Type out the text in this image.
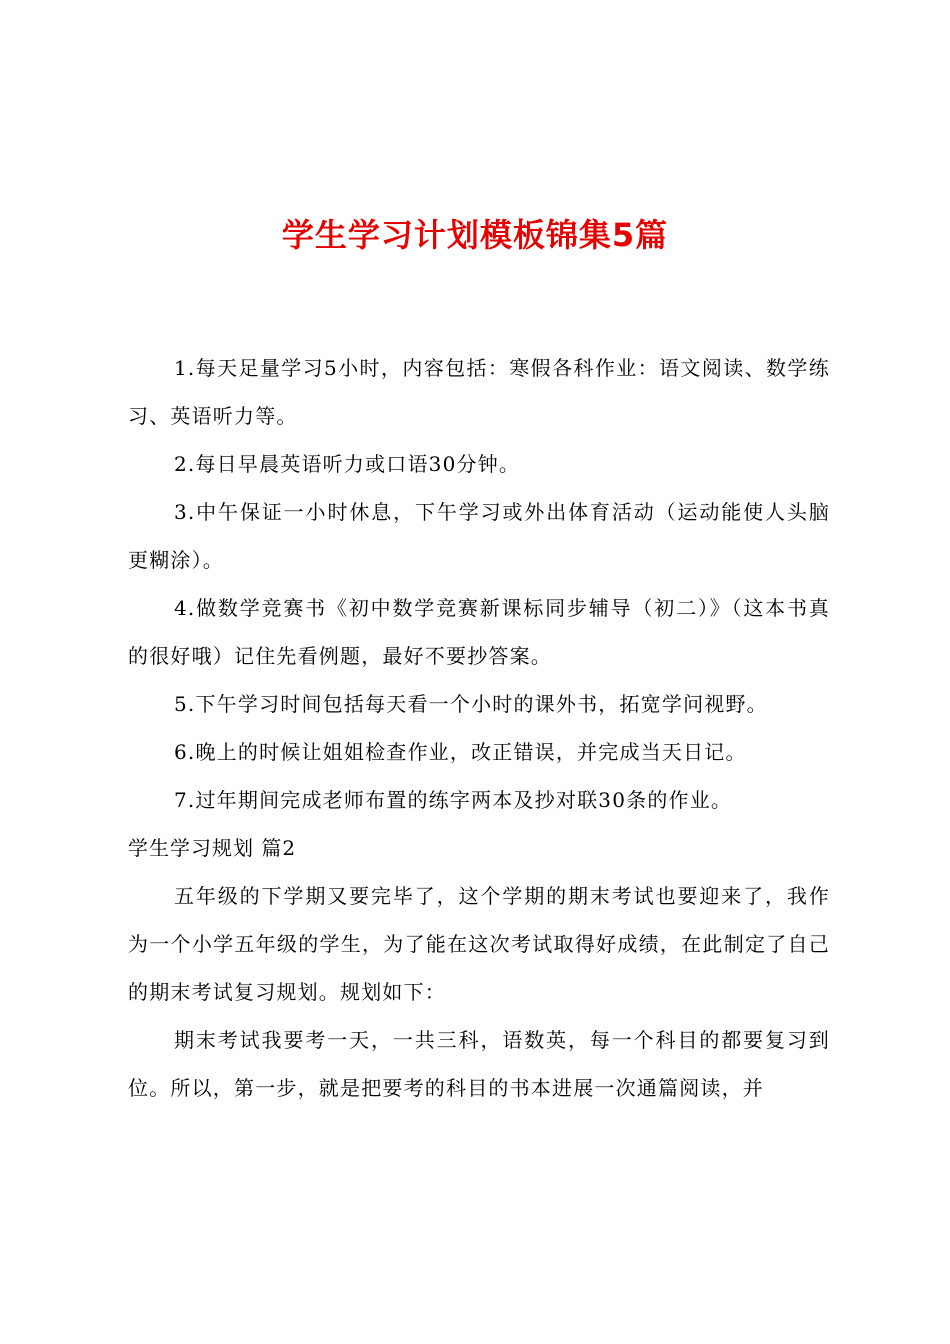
学生学习计划模板锦集5篇

1.每天足量学习5小时，内容包括：寒假各科作业：语文阅读、数学练习、英语听力等。

2.每日早晨英语听力或口语30分钟。

3.中午保证一小时休息，下午学习或外出体育活动（运动能使人头脑更糊涂）。

4.做数学竞赛书《初中数学竞赛新课标同步辅导（初二）》（这本书真的很好哦）记住先看例题，最好不要抄答案。

5.下午学习时间包括每天看一个小时的课外书，拓宽学问视野。

6.晚上的时候让姐姐检查作业，改正错误，并完成当天日记。

7.过年期间完成老师布置的练字两本及抄对联30条的作业。

学生学习规划 篇2

五年级的下学期又要完毕了，这个学期的期末考试也要迎来了，我作为一个小学五年级的学生，为了能在这次考试取得好成绩，在此制定了自己的期末考试复习规划。规划如下：

期末考试我要考一天，一共三科，语数英，每一个科目的都要复习到位。所以，第一步，就是把要考的科目的书本进展一次通篇阅读，并
